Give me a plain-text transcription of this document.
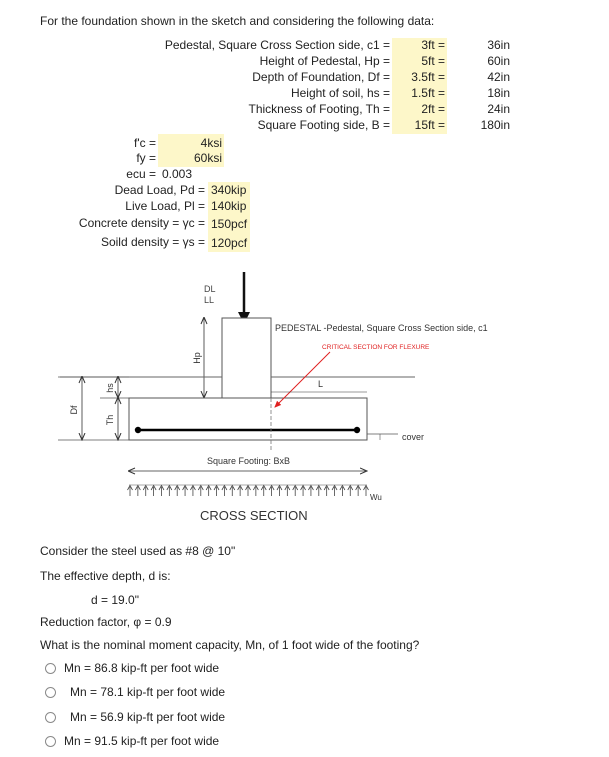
For the foundation shown in the sketch and considering the following data:
Pedestal, Square Cross Section side, c1 =	3ft =	36in
Height of Pedestal, Hp =	5ft =	60in
Depth of Foundation, Df =	3.5ft =	42in
Height of soil, hs =	1.5ft =	18in
Thickness of Footing, Th =	2ft =	24in
Square Footing side, B =	15ft =	180in
f'c =	4ksi
fy =	60ksi
ecu = 0.003
Dead Load, Pd = 340kip
Live Load, Pl = 140kip
Concrete density = γc = 150pcf
Soild density = γs = 120pcf
DL
LL
Hp
Df
hs
Th
PEDESTAL -Pedestal, Square Cross Section side, c1
CRITICAL SECTION FOR FLEXURE
L
cover
Square Footing: BxB
Wu
CROSS SECTION
Consider the steel used as #8 @ 10"
The effective depth, d is:
d = 19.0"
Reduction factor, φ = 0.9
What is the nominal moment capacity, Mn, of 1 foot wide of the footing?
Mn = 86.8 kip-ft per foot wide
Mn = 78.1 kip-ft per foot wide
Mn = 56.9 kip-ft per foot wide
Mn = 91.5 kip-ft per foot wide
